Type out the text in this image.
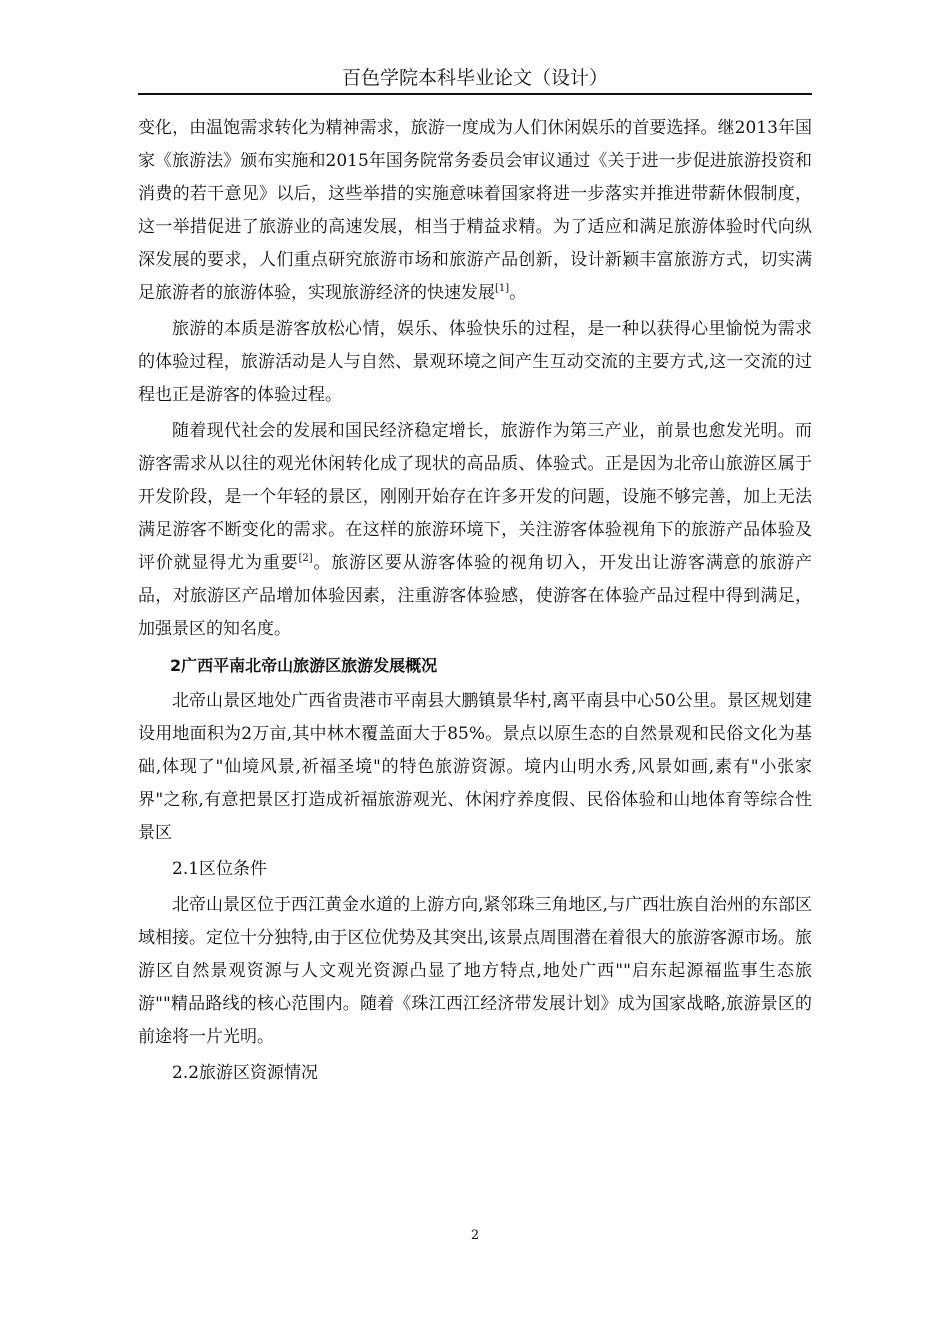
百色学院本科毕业论文（设计）

变化，由温饱需求转化为精神需求，旅游一度成为人们休闲娱乐的首要选择。继2013年国家《旅游法》颁布实施和2015年国务院常务委员会审议通过《关于进一步促进旅游投资和消费的若干意见》以后，这些举措的实施意味着国家将进一步落实并推进带薪休假制度，这一举措促进了旅游业的高速发展，相当于精益求精。为了适应和满足旅游体验时代向纵深发展的要求，人们重点研究旅游市场和旅游产品创新，设计新颖丰富旅游方式，切实满足旅游者的旅游体验，实现旅游经济的快速发展[1]。

旅游的本质是游客放松心情，娱乐、体验快乐的过程，是一种以获得心里愉悦为需求的体验过程，旅游活动是人与自然、景观环境之间产生互动交流的主要方式,这一交流的过程也正是游客的体验过程。

随着现代社会的发展和国民经济稳定增长，旅游作为第三产业，前景也愈发光明。而游客需求从以往的观光休闲转化成了现状的高品质、体验式。正是因为北帝山旅游区属于开发阶段，是一个年轻的景区，刚刚开始存在许多开发的问题，设施不够完善，加上无法满足游客不断变化的需求。在这样的旅游环境下，关注游客体验视角下的旅游产品体验及评价就显得尤为重要[2]。旅游区要从游客体验的视角切入，开发出让游客满意的旅游产品，对旅游区产品增加体验因素，注重游客体验感，使游客在体验产品过程中得到满足，加强景区的知名度。

2广西平南北帝山旅游区旅游发展概况

北帝山景区地处广西省贵港市平南县大鹏镇景华村,离平南县中心50公里。景区规划建设用地面积为2万亩,其中林木覆盖面大于85%。景点以原生态的自然景观和民俗文化为基础,体现了"仙境风景,祈福圣境"的特色旅游资源。境内山明水秀,风景如画,素有"小张家界"之称,有意把景区打造成祈福旅游观光、休闲疗养度假、民俗体验和山地体育等综合性景区

2.1区位条件

北帝山景区位于西江黄金水道的上游方向,紧邻珠三角地区,与广西壮族自治州的东部区域相接。定位十分独特,由于区位优势及其突出,该景点周围潜在着很大的旅游客源市场。旅游区自然景观资源与人文观光资源凸显了地方特点,地处广西""启东起源福监事生态旅游""精品路线的核心范围内。随着《珠江西江经济带发展计划》成为国家战略,旅游景区的前途将一片光明。

2.2旅游区资源情况

2
